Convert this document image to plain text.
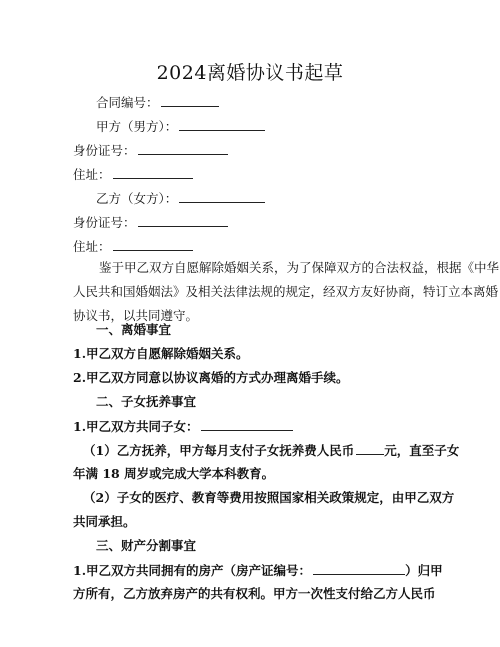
2024离婚协议书起草
合同编号：
甲方（男方）：
身份证号：
住址：
乙方（女方）：
身份证号：
住址：
鉴于甲乙双方自愿解除婚姻关系，为了保障双方的合法权益，根据《中华人民共和国婚姻法》及相关法律法规的规定，经双方友好协商，特订立本离婚协议书，以共同遵守。
一、离婚事宜
1.甲乙双方自愿解除婚姻关系。
2.甲乙双方同意以协议离婚的方式办理离婚手续。
二、子女抚养事宜
1.甲乙双方共同子女：
（1）乙方抚养，甲方每月支付子女抚养费人民币 元，直至子女
年满 18 周岁或完成大学本科教育。
（2）子女的医疗、教育等费用按照国家相关政策规定，由甲乙双方
共同承担。
三、财产分割事宜
1.甲乙双方共同拥有的房产（房产证编号：	）归甲
方所有，乙方放弃房产的共有权利。甲方一次性支付给乙方人民币
